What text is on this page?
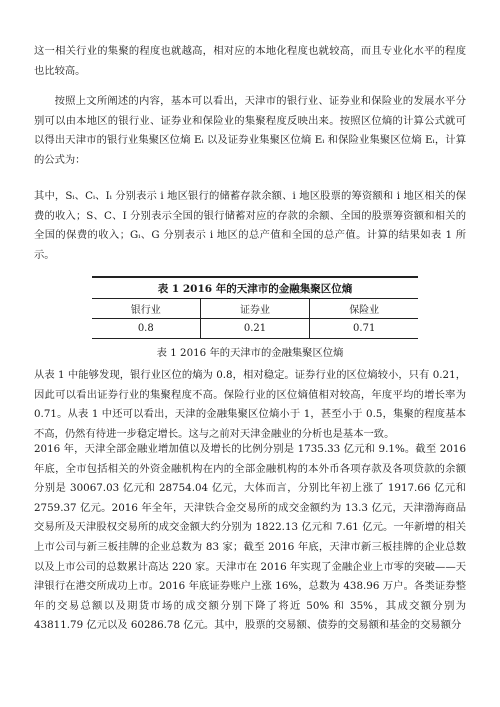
这一相关行业的集聚的程度也就越高，相对应的本地化程度也就较高，而且专业化水平的程度也比较高。

按照上文所阐述的内容，基本可以看出，天津市的银行业、证券业和保险业的发展水平分别可以由本地区的银行业、证券业和保险业的集聚程度反映出来。按照区位熵的计算公式就可以得出天津市的银行业集聚区位熵 Eᵢ 以及证券业集聚区位熵 Eᵢ 和保险业集聚区位熵 Eᵢ，计算的公式为：

其中，Sᵢ、Cᵢ、Iᵢ 分别表示 i 地区银行的储蓄存款余额、i 地区股票的筹资额和 i 地区相关的保费的收入；S、C、I 分别表示全国的银行储蓄对应的存款的余额、全国的股票筹资额和相关的全国的保费的收入；Gᵢ、G 分别表示 i 地区的总产值和全国的总产值。计算的结果如表 1 所示。

表 1 2016 年的天津市的金融集聚区位熵		
银行业	证券业	保险业
0.8	0.21	0.71
表 1 2016 年的天津市的金融集聚区位熵

从表 1 中能够发现，银行业区位的熵为 0.8，相对稳定。证券行业的区位熵较小，只有 0.21，因此可以看出证券行业的集聚程度不高。保险行业的区位熵值相对较高，年度平均的增长率为 0.71。从表 1 中还可以看出，天津的金融集聚区位熵小于 1，甚至小于 0.5，集聚的程度基本不高，仍然有待进一步稳定增长。这与之前对天津金融业的分析也是基本一致。

2016 年，天津全部金融业增加值以及增长的比例分别是 1735.33 亿元和 9.1%。截至 2016 年底，全市包括相关的外资金融机构在内的全部金融机构的本外币各项存款及各项贷款的余额分别是 30067.03 亿元和 28754.04 亿元，大体而言，分别比年初上涨了 1917.66 亿元和 2759.37 亿元。2016 年全年，天津铁合金交易所的成交金额约为 13.3 亿元，天津渤海商品交易所及天津股权交易所的成交金额大约分别为 1822.13 亿元和 7.61 亿元。一年新增的相关上市公司与新三板挂牌的企业总数为 83 家；截至 2016 年底，天津市新三板挂牌的企业总数以及上市公司的总数累计高达 220 家。天津市在 2016 年实现了金融企业上市零的突破——天津银行在港交所成功上市。2016 年底证券账户上涨 16%，总数为 438.96 万户。各类证券整年的交易总额以及期货市场的成交额分别下降了将近 50% 和 35%，其成交额分别为 43811.79 亿元以及 60286.78 亿元。其中，股票的交易额、债券的交易额和基金的交易额分
